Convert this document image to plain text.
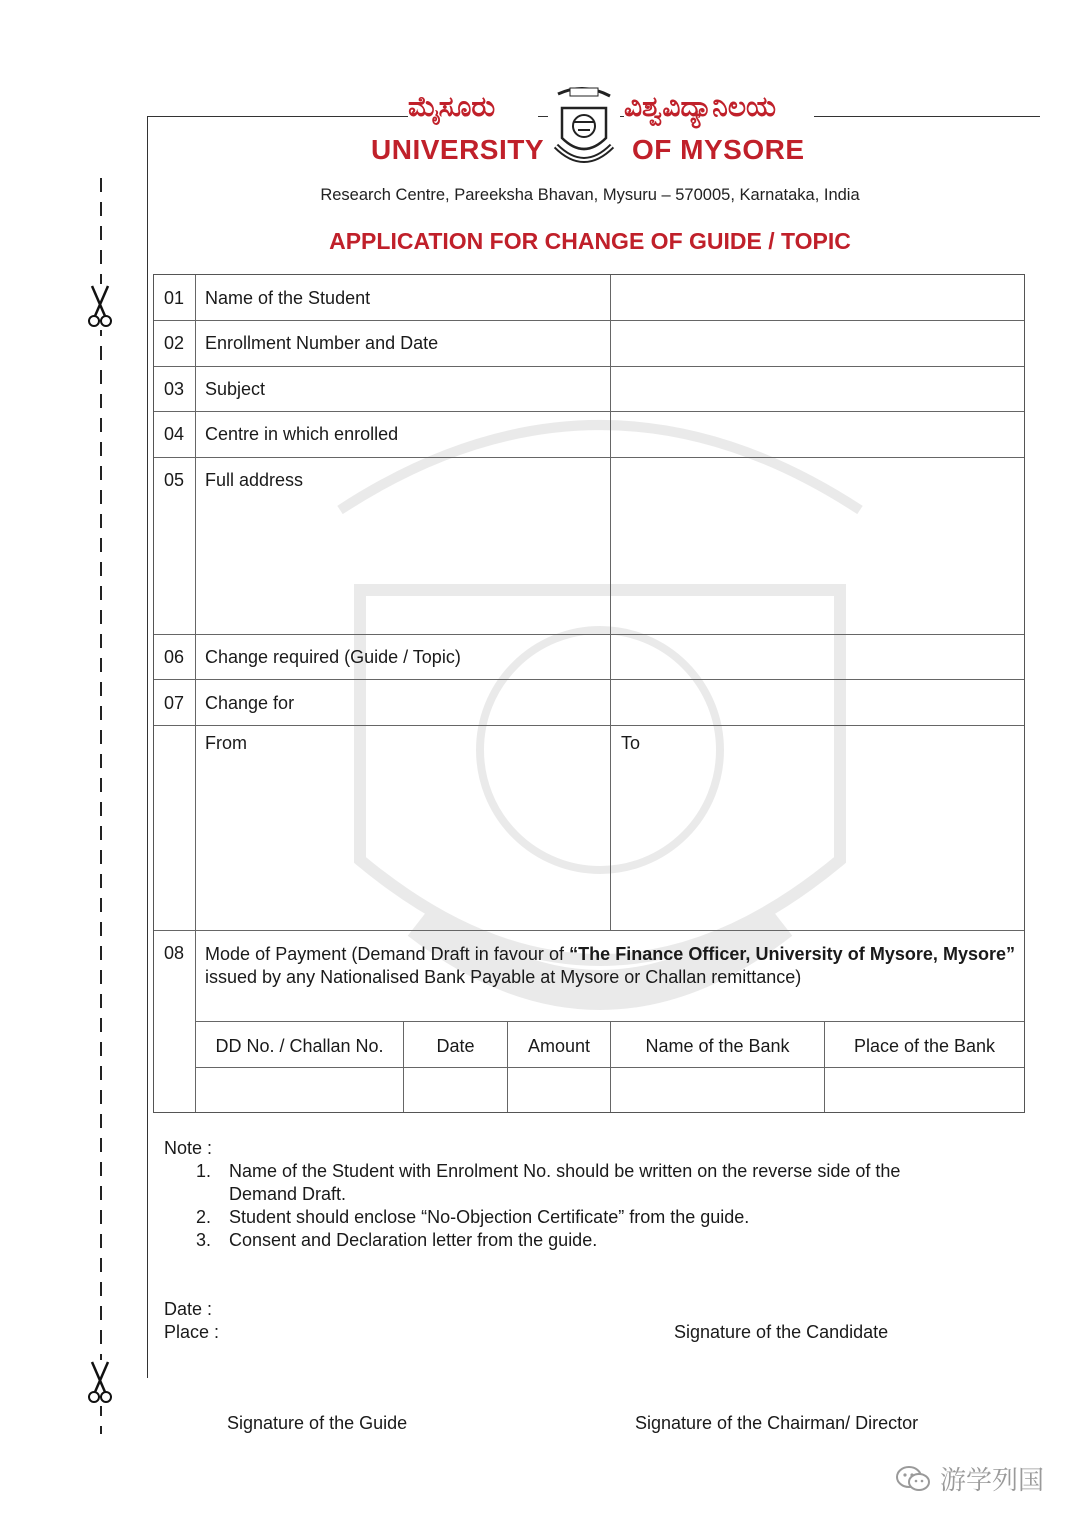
ಮೈಸೂರು	ವಿಶ್ವವಿದ್ಯಾನಿಲಯ
UNIVERSITY	OF MYSORE
Research Centre, Pareeksha Bhavan, Mysuru – 570005, Karnataka, India
APPLICATION FOR CHANGE OF GUIDE / TOPIC
01 Name of the Student
02 Enrollment Number and Date
03 Subject
04 Centre in which enrolled
05 Full address
06 Change required (Guide / Topic)
07 Change for
From	To
08 Mode of Payment (Demand Draft in favour of “The Finance Officer, University of Mysore, Mysore” issued by any Nationalised Bank Payable at Mysore or Challan remittance)
DD No. / Challan No.	Date	Amount	Name of the Bank	Place of the Bank
Note :
1. Name of the Student with Enrolment No. should be written on the reverse side of the
Demand Draft.
2. Student should enclose “No-Objection Certificate” from the guide.
3. Consent and Declaration letter from the guide.
Date :
Place :	Signature of the Candidate
Signature of the Guide	Signature of the Chairman/ Director
游学列国
